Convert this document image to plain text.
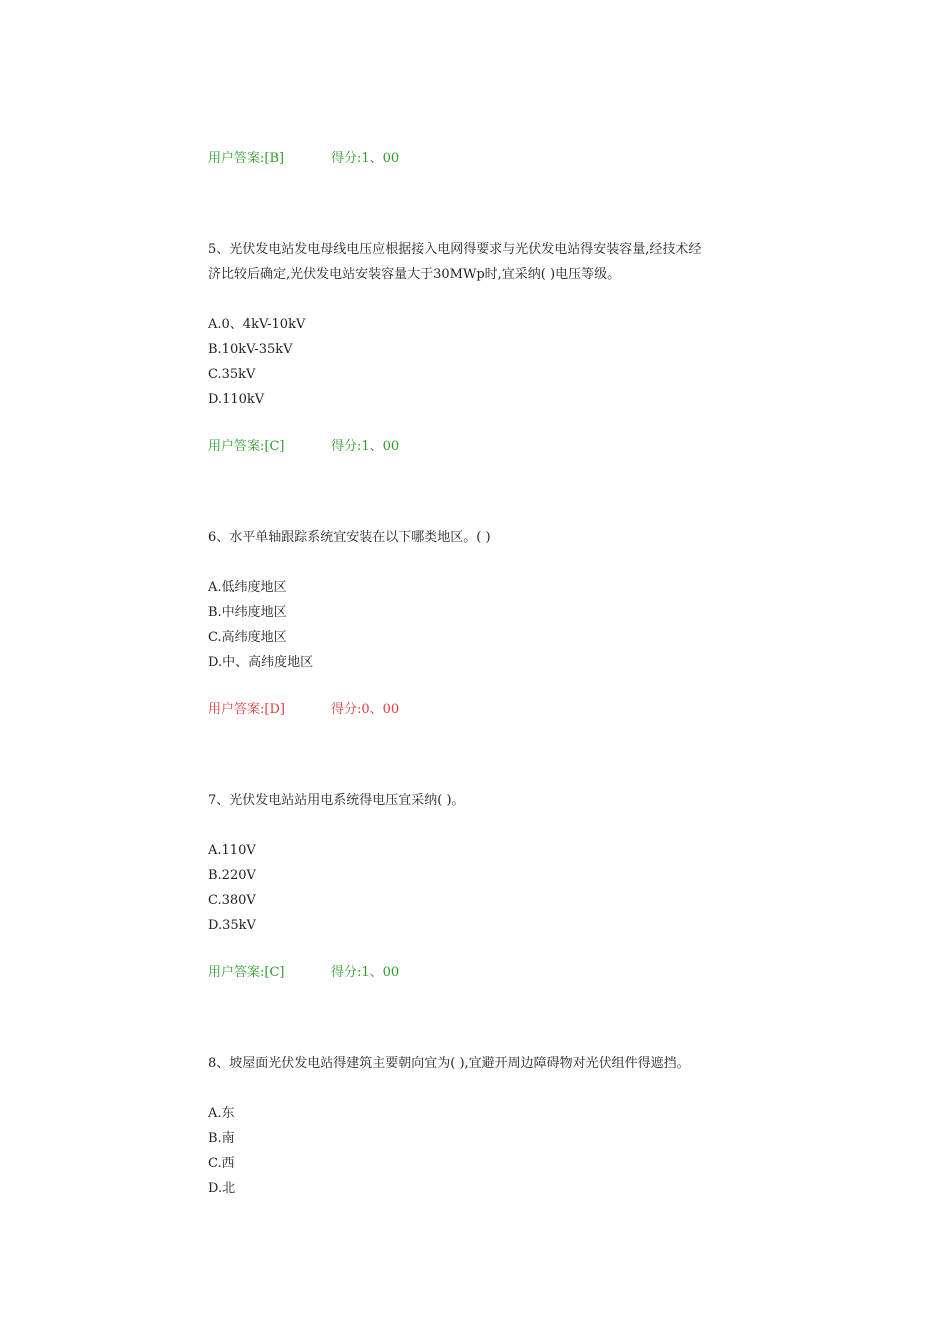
用户答案:[B]	得分:1、00
5、光伏发电站发电母线电压应根据接入电网得要求与光伏发电站得安装容量,经技术经
济比较后确定,光伏发电站安装容量大于30MWp时,宜采纳( )电压等级。
A.0、4kV-10kV
B.10kV-35kV
C.35kV
D.110kV
用户答案:[C]	得分:1、00
6、水平单轴跟踪系统宜安装在以下哪类地区。( )
A.低纬度地区
B.中纬度地区
C.高纬度地区
D.中、高纬度地区
用户答案:[D]	得分:0、00
7、光伏发电站站用电系统得电压宜采纳( )。
A.110V
B.220V
C.380V
D.35kV
用户答案:[C]	得分:1、00
8、坡屋面光伏发电站得建筑主要朝向宜为( ),宜避开周边障碍物对光伏组件得遮挡。
A.东
B.南
C.西
D.北
